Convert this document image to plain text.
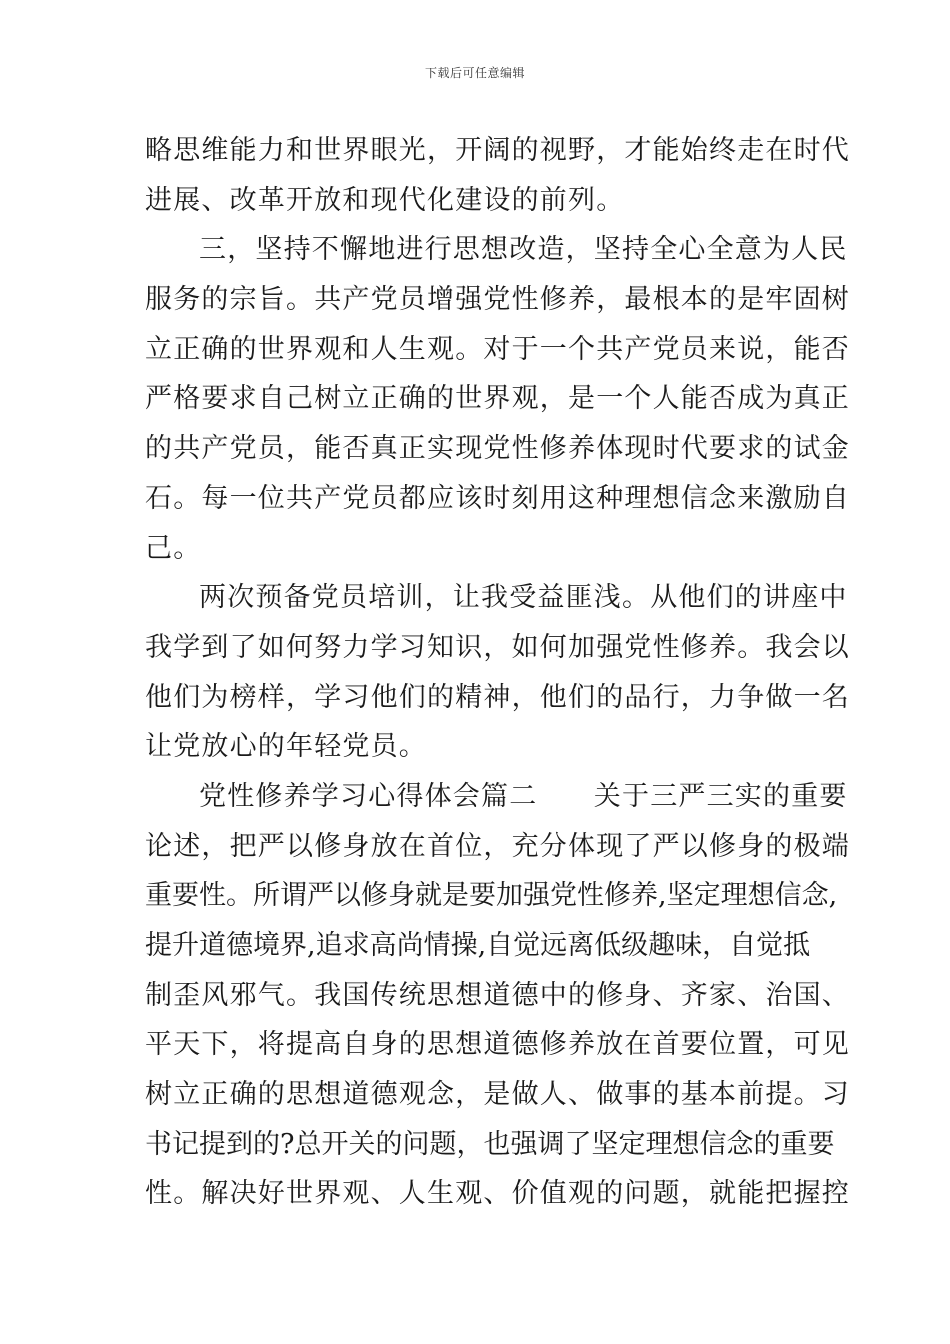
下载后可任意编辑
略思维能力和世界眼光，开阔的视野，才能始终走在时代
进展、改革开放和现代化建设的前列。
三，坚持不懈地进行思想改造，坚持全心全意为人民
服务的宗旨。共产党员增强党性修养，最根本的是牢固树
立正确的世界观和人生观。对于一个共产党员来说，能否
严格要求自己树立正确的世界观，是一个人能否成为真正
的共产党员，能否真正实现党性修养体现时代要求的试金
石。每一位共产党员都应该时刻用这种理想信念来激励自
己。
两次预备党员培训，让我受益匪浅。从他们的讲座中
我学到了如何努力学习知识，如何加强党性修养。我会以
他们为榜样，学习他们的精神，他们的品行，力争做一名
让党放心的年轻党员。
党性修养学习心得体会篇二　　关于三严三实的重要
论述，把严以修身放在首位，充分体现了严以修身的极端
重要性。所谓严以修身就是要加强党性修养,坚定理想信念,
提升道德境界,追求高尚情操,自觉远离低级趣味，自觉抵
制歪风邪气。我国传统思想道德中的修身、齐家、治国、
平天下，将提高自身的思想道德修养放在首要位置，可见
树立正确的思想道德观念，是做人、做事的基本前提。习
书记提到的?总开关的问题，也强调了坚定理想信念的重要
性。解决好世界观、人生观、价值观的问题，就能把握控
